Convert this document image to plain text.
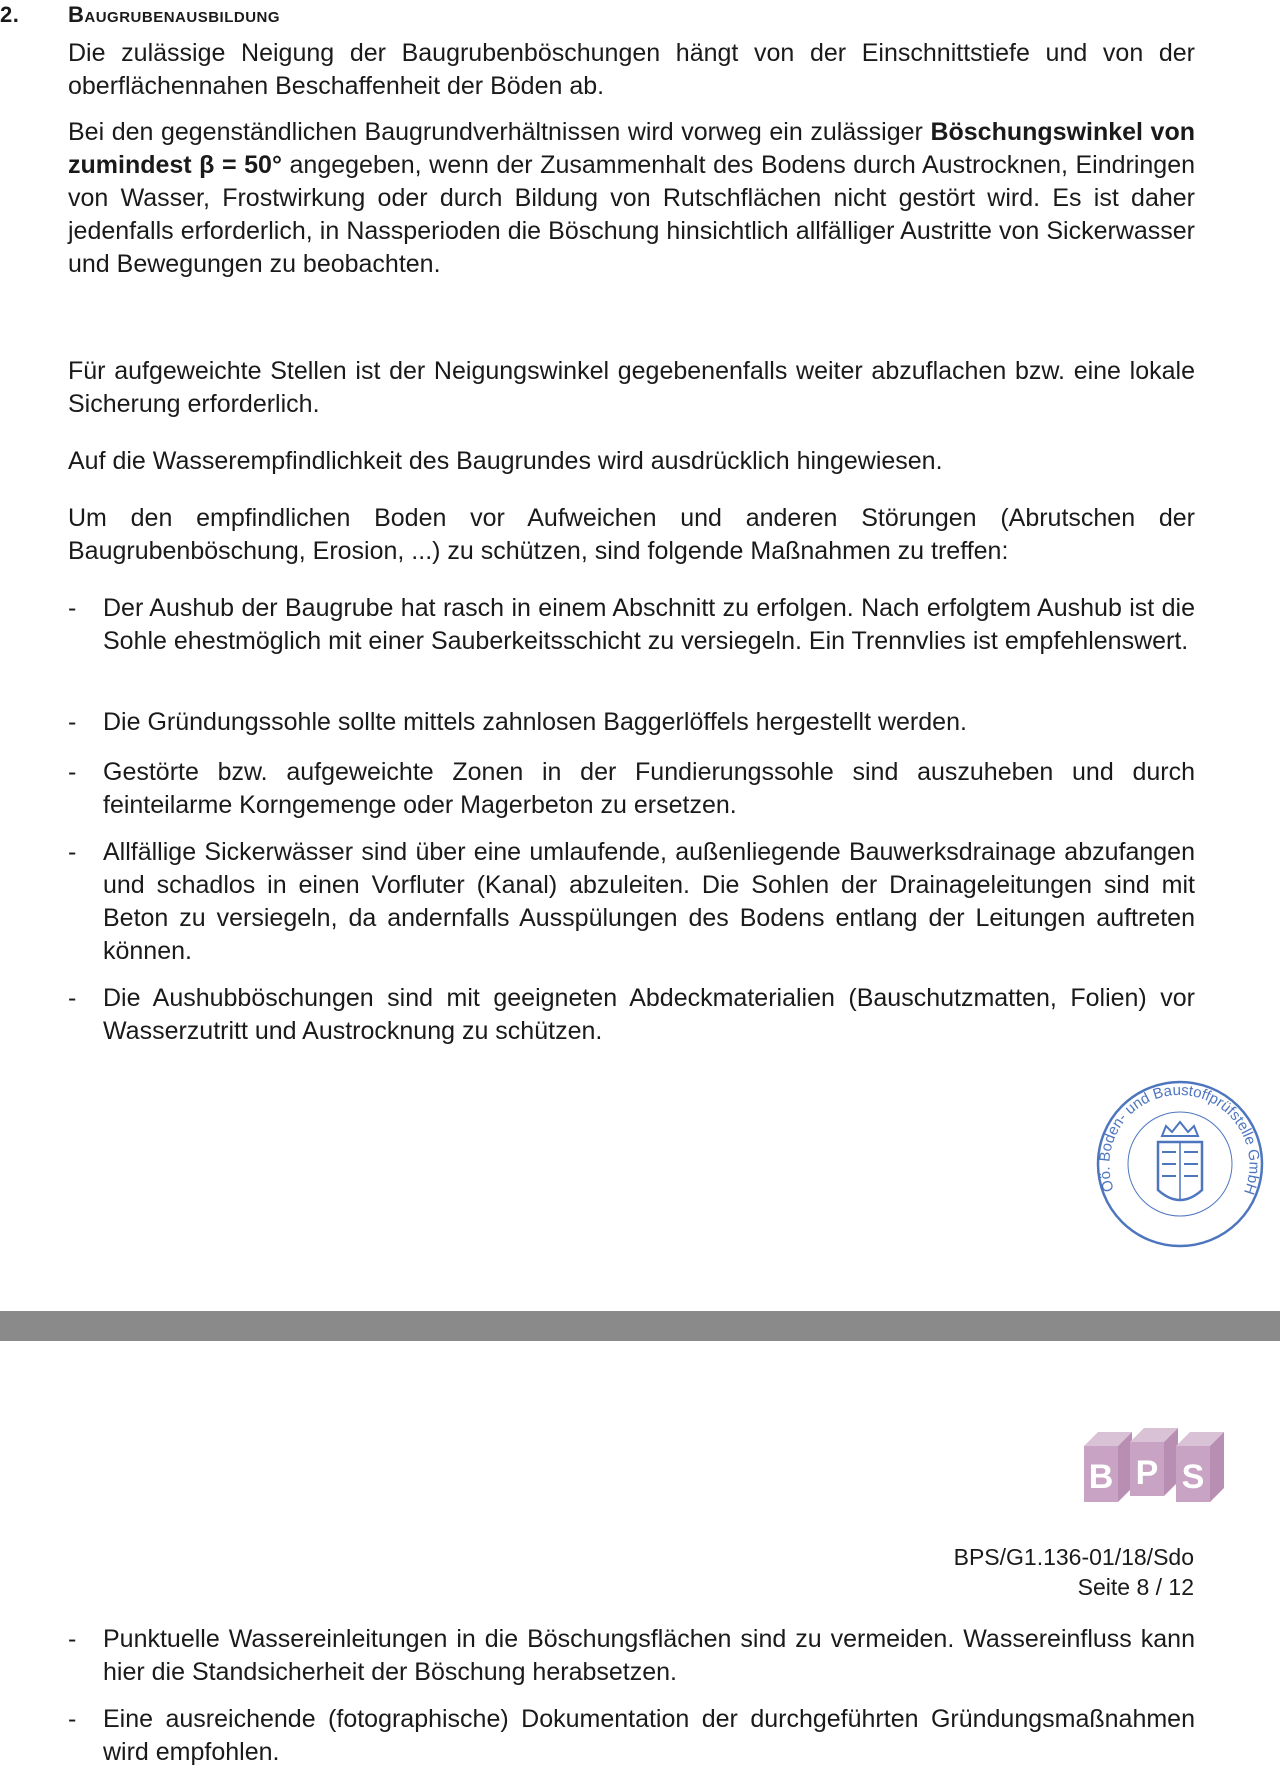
2. Baugrubenausbildung

Die zulässige Neigung der Baugrubenböschungen hängt von der Einschnittstiefe und von der oberflächennahen Beschaffenheit der Böden ab.

Bei den gegenständlichen Baugrundverhältnissen wird vorweg ein zulässiger Böschungswinkel von zumindest β = 50° angegeben, wenn der Zusammenhalt des Bodens durch Austrocknen, Eindringen von Wasser, Frostwirkung oder durch Bildung von Rutschflächen nicht gestört wird. Es ist daher jedenfalls erforderlich, in Nassperioden die Böschung hinsichtlich allfälliger Austritte von Sickerwasser und Bewegungen zu beobachten.

Für aufgeweichte Stellen ist der Neigungswinkel gegebenenfalls weiter abzuflachen bzw. eine lokale Sicherung erforderlich.

Auf die Wasserempfindlichkeit des Baugrundes wird ausdrücklich hingewiesen.

Um den empfindlichen Boden vor Aufweichen und anderen Störungen (Abrutschen der Baugrubenböschung, Erosion, ...) zu schützen, sind folgende Maßnahmen zu treffen:

- Der Aushub der Baugrube hat rasch in einem Abschnitt zu erfolgen. Nach erfolgtem Aushub ist die Sohle ehestmöglich mit einer Sauberkeitsschicht zu versiegeln. Ein Trennvlies ist empfehlenswert.
- Die Gründungssohle sollte mittels zahnlosen Baggerlöffels hergestellt werden.
- Gestörte bzw. aufgeweichte Zonen in der Fundierungssohle sind auszuheben und durch feinteilarme Korngemenge oder Magerbeton zu ersetzen.
- Allfällige Sickerwässer sind über eine umlaufende, außenliegende Bauwerksdrainage abzufangen und schadlos in einen Vorfluter (Kanal) abzuleiten. Die Sohlen der Drainageleitungen sind mit Beton zu versiegeln, da andernfalls Ausspülungen des Bodens entlang der Leitungen auftreten können.
- Die Aushubböschungen sind mit geeigneten Abdeckmaterialien (Bauschutzmatten, Folien) vor Wasserzutritt und Austrocknung zu schützen.
Oö. Boden- und Baustoffprüfstelle GmbH
B P S
BPS/G1.136-01/18/Sdo
Seite 8 / 12
- Punktuelle Wassereinleitungen in die Böschungsflächen sind zu vermeiden. Wassereinfluss kann hier die Standsicherheit der Böschung herabsetzen.
- Eine ausreichende (fotographische) Dokumentation der durchgeführten Gründungsmaßnahmen wird empfohlen.
